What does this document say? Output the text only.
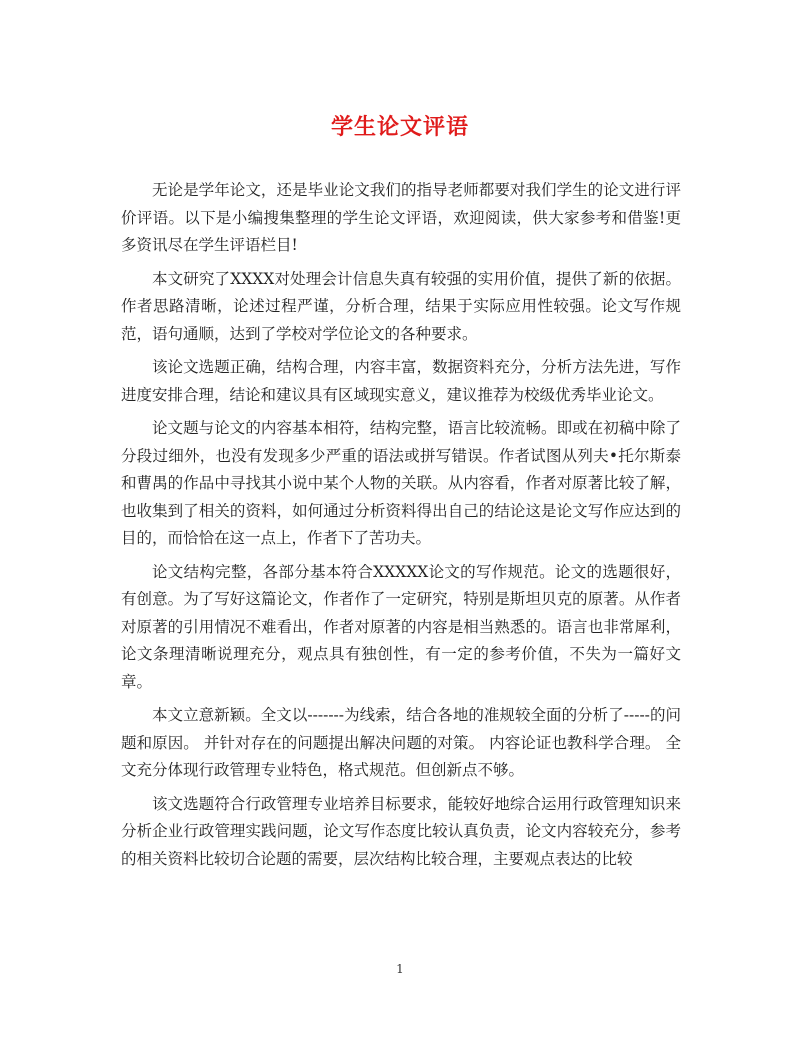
学生论文评语

无论是学年论文，还是毕业论文我们的指导老师都要对我们学生的论文进行评价评语。以下是小编搜集整理的学生论文评语，欢迎阅读，供大家参考和借鉴!更多资讯尽在学生评语栏目!

本文研究了XXXX对处理会计信息失真有较强的实用价值，提供了新的依据。作者思路清晰，论述过程严谨，分析合理，结果于实际应用性较强。论文写作规范，语句通顺，达到了学校对学位论文的各种要求。

该论文选题正确，结构合理，内容丰富，数据资料充分，分析方法先进，写作进度安排合理，结论和建议具有区域现实意义，建议推荐为校级优秀毕业论文。

论文题与论文的内容基本相符，结构完整，语言比较流畅。即或在初稿中除了分段过细外，也没有发现多少严重的语法或拼写错误。作者试图从列夫•托尔斯泰和曹禺的作品中寻找其小说中某个人物的关联。从内容看，作者对原著比较了解，也收集到了相关的资料，如何通过分析资料得出自己的结论这是论文写作应达到的目的，而恰恰在这一点上，作者下了苦功夫。

论文结构完整，各部分基本符合XXXXX论文的写作规范。论文的选题很好，有创意。为了写好这篇论文，作者作了一定研究，特别是斯坦贝克的原著。从作者对原著的引用情况不难看出，作者对原著的内容是相当熟悉的。语言也非常犀利，论文条理清晰说理充分，观点具有独创性，有一定的参考价值，不失为一篇好文章。

本文立意新颖。全文以-------为线索，结合各地的准规较全面的分析了-----的问题和原因。 并针对存在的问题提出解决问题的对策。 内容论证也教科学合理。 全文充分体现行政管理专业特色，格式规范。但创新点不够。

该文选题符合行政管理专业培养目标要求，能较好地综合运用行政管理知识来分析企业行政管理实践问题，论文写作态度比较认真负责，论文内容较充分，参考的相关资料比较切合论题的需要，层次结构比较合理，主要观点表达的比较

1
